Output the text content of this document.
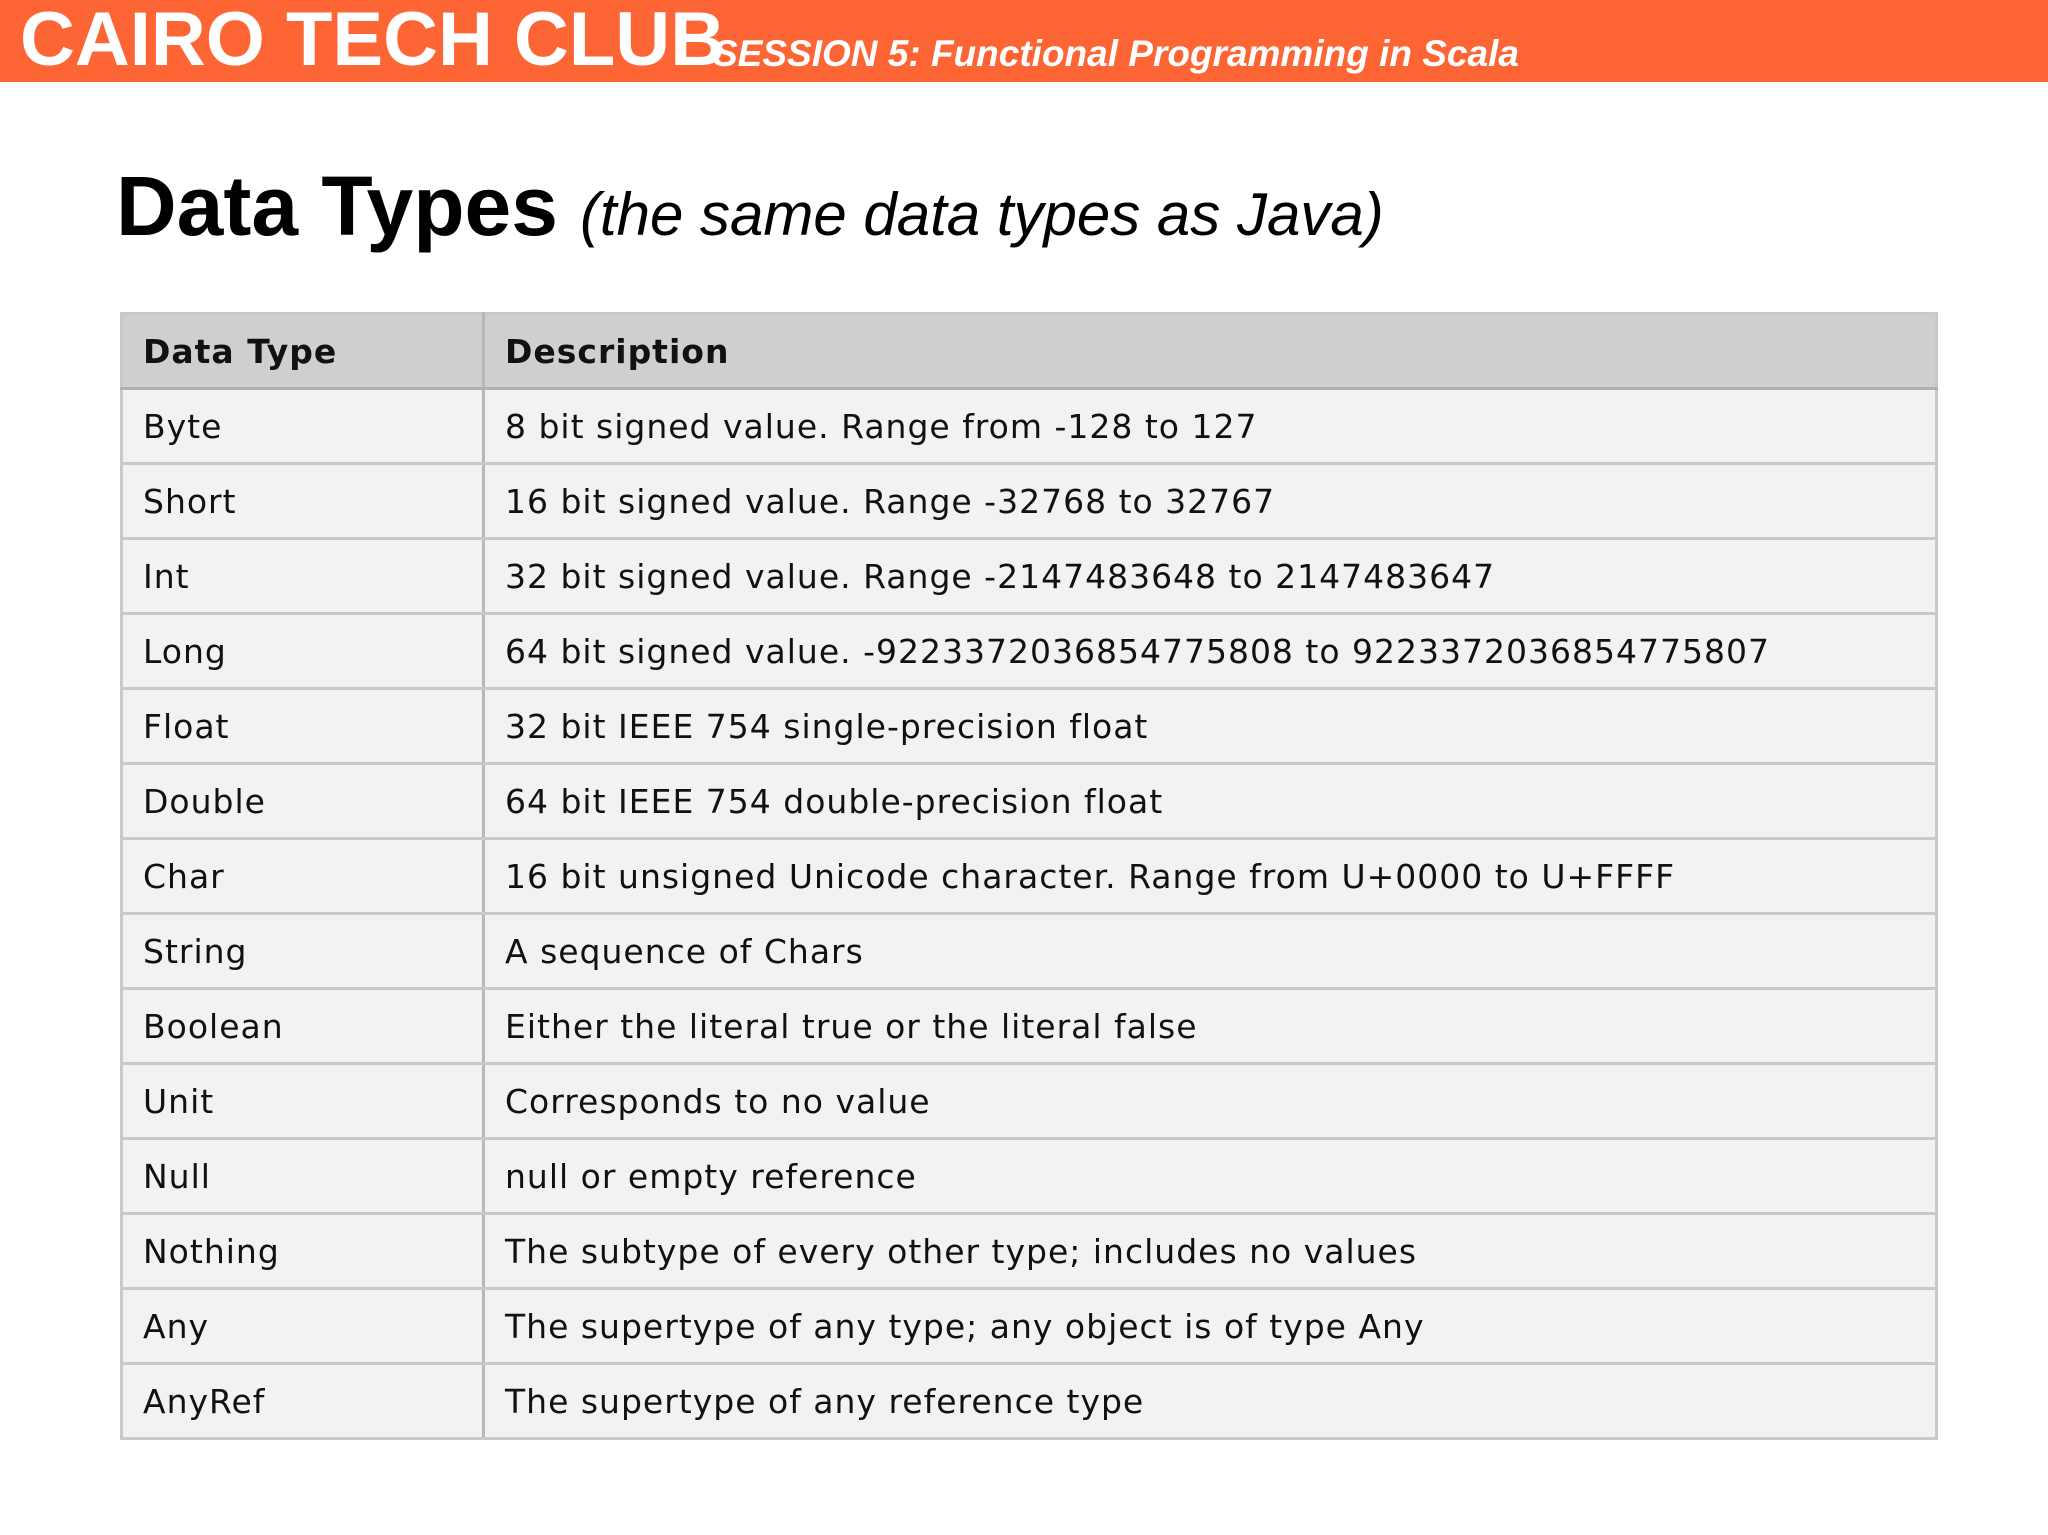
CAIRO TECH CLUB
SESSION 5: Functional Programming in Scala
Data Types (the same data types as Java)
Data Type	Description
Byte	8 bit signed value. Range from -128 to 127
Short	16 bit signed value. Range -32768 to 32767
Int	32 bit signed value. Range -2147483648 to 2147483647
Long	64 bit signed value. -9223372036854775808 to 9223372036854775807
Float	32 bit IEEE 754 single-precision float
Double	64 bit IEEE 754 double-precision float
Char	16 bit unsigned Unicode character. Range from U+0000 to U+FFFF
String	A sequence of Chars
Boolean	Either the literal true or the literal false
Unit	Corresponds to no value
Null	null or empty reference
Nothing	The subtype of every other type; includes no values
Any	The supertype of any type; any object is of type Any
AnyRef	The supertype of any reference type
